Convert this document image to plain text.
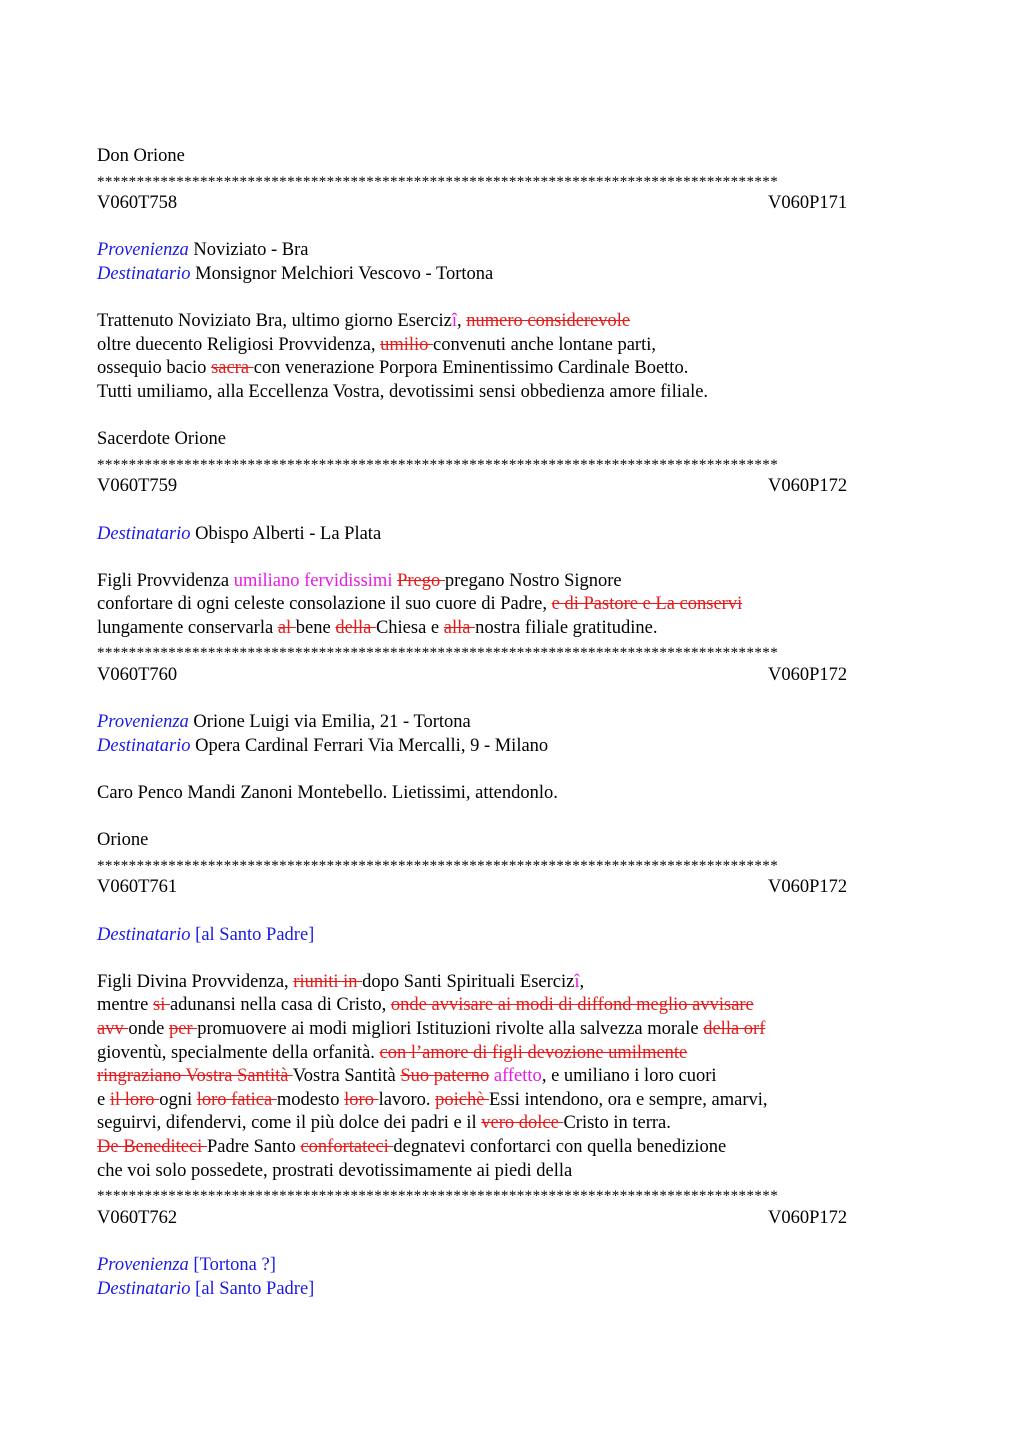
Don Orione
**************************************************************************************
V060T758	V060P171
Provenienza Noviziato - Bra
Destinatario Monsignor Melchiori Vescovo - Tortona
Trattenuto Noviziato Bra, ultimo giorno Esercizî, numero considerevole
oltre duecento Religiosi Provvidenza, umilio convenuti anche lontane parti,
ossequio bacio sacra con venerazione Porpora Eminentissimo Cardinale Boetto.
Tutti umiliamo, alla Eccellenza Vostra, devotissimi sensi obbedienza amore filiale.
Sacerdote Orione
**************************************************************************************
V060T759	V060P172
Destinatario Obispo Alberti - La Plata
Figli Provvidenza umiliano fervidissimi Prego pregano Nostro Signore
confortare di ogni celeste consolazione il suo cuore di Padre, e di Pastore e La conservi
lungamente conservarla al bene della Chiesa e alla nostra filiale gratitudine.
**************************************************************************************
V060T760	V060P172
Provenienza Orione Luigi via Emilia, 21 - Tortona
Destinatario Opera Cardinal Ferrari Via Mercalli, 9 - Milano
Caro Penco Mandi Zanoni Montebello. Lietissimi, attendonlo.
Orione
**************************************************************************************
V060T761	V060P172
Destinatario [al Santo Padre]
Figli Divina Provvidenza, riuniti in dopo Santi Spirituali Esercizî,
mentre si adunansi nella casa di Cristo, onde avvisare ai modi di diffond meglio avvisare
avv onde per promuovere ai modi migliori Istituzioni rivolte alla salvezza morale della orf
gioventù, specialmente della orfanità. con l’amore di figli devozione umilmente
ringraziano Vostra Santità Vostra Santità Suo paterno affetto, e umiliano i loro cuori
e il loro ogni loro fatica modesto loro lavoro. poichè Essi intendono, ora e sempre, amarvi,
seguirvi, difendervi, come il più dolce dei padri e il vero dolce Cristo in terra.
De Benediteci Padre Santo confortateci degnatevi confortarci con quella benedizione
che voi solo possedete, prostrati devotissimamente ai piedi della
**************************************************************************************
V060T762	V060P172
Provenienza [Tortona ?]
Destinatario [al Santo Padre]
